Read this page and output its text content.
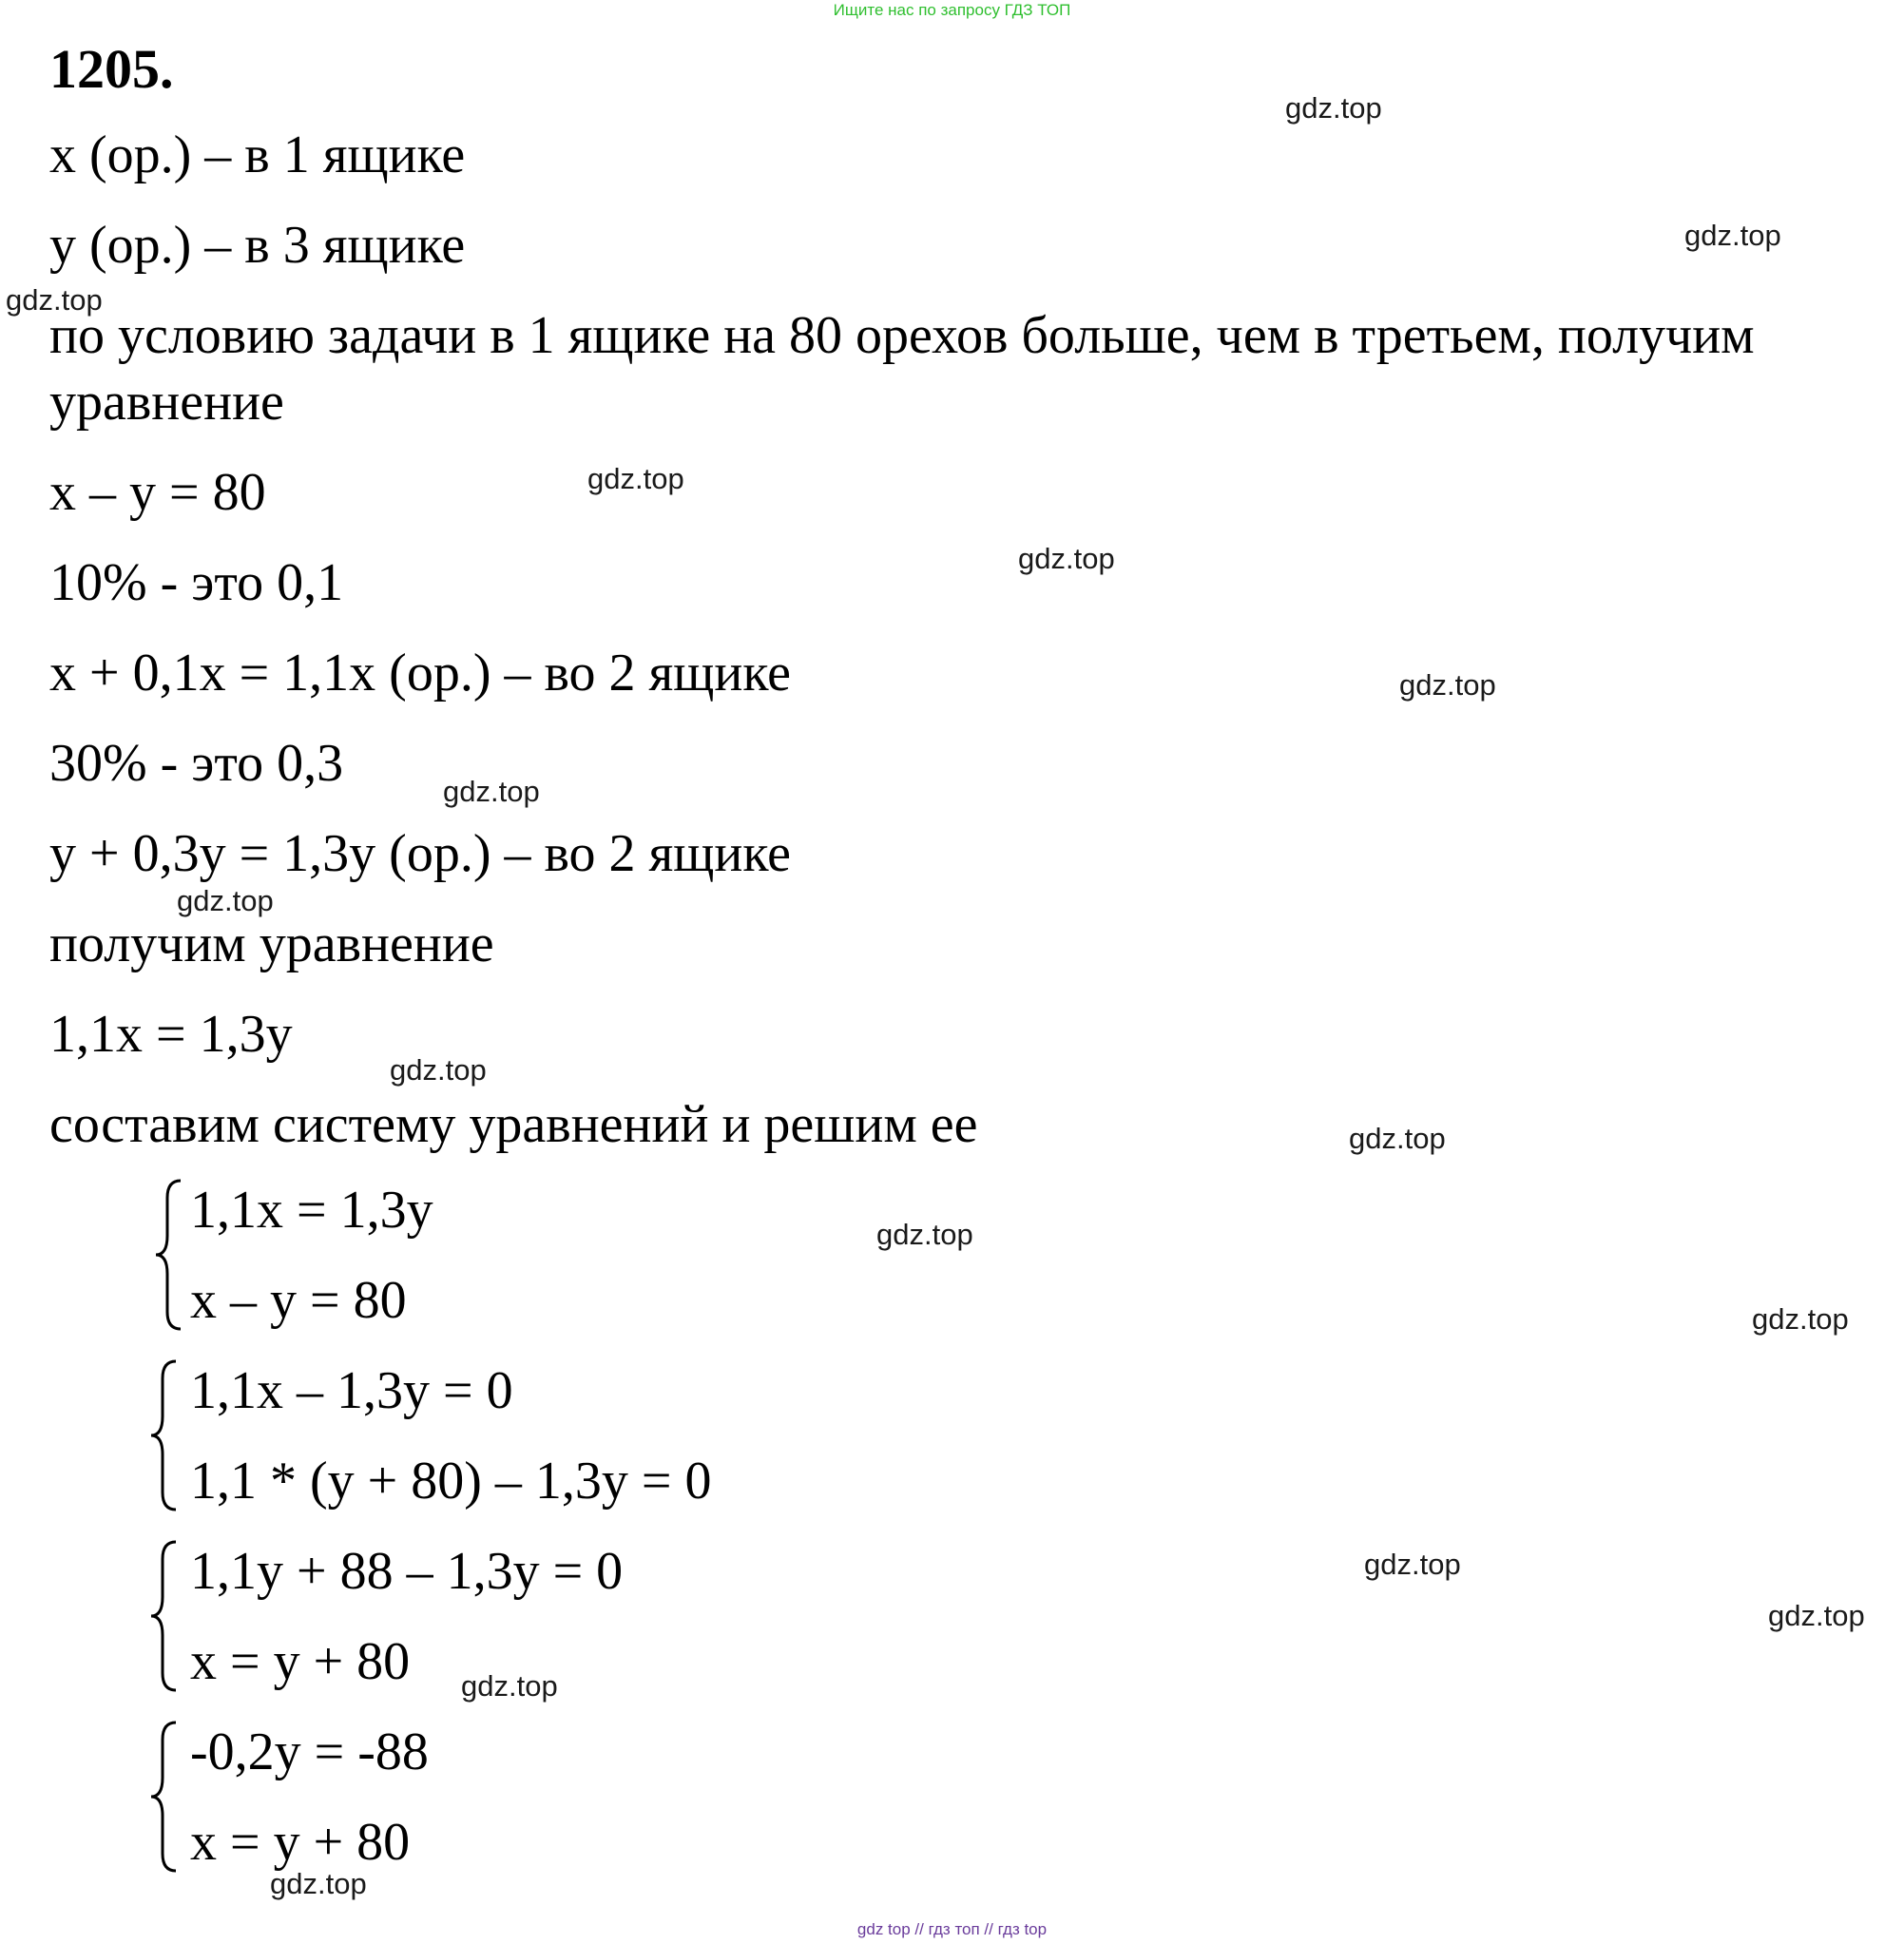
Ищите нас по запросу ГДЗ ТОП
1205.
x (ор.) – в 1 ящике
y (ор.) – в 3 ящике
по условию задачи в 1 ящике на 80 орехов больше, чем в третьем, получим
уравнение
x – y = 80
10% - это 0,1
x + 0,1x = 1,1x (ор.) – во 2 ящике
30% - это 0,3
y + 0,3y = 1,3y (ор.) – во 2 ящике
получим уравнение
1,1x = 1,3y
составим систему уравнений и решим ее
1,1x = 1,3y
x – y = 80
1,1x – 1,3y = 0
1,1 * (y + 80) – 1,3y = 0
1,1y + 88 – 1,3y = 0
x = y + 80
-0,2y = -88
x = y + 80
gdz.top
gdz.top
gdz.top
gdz.top
gdz.top
gdz.top
gdz.top
gdz.top
gdz.top
gdz.top
gdz.top
gdz.top
gdz.top
gdz.top
gdz.top
gdz.top
gdz top // гдз топ // гдз top
